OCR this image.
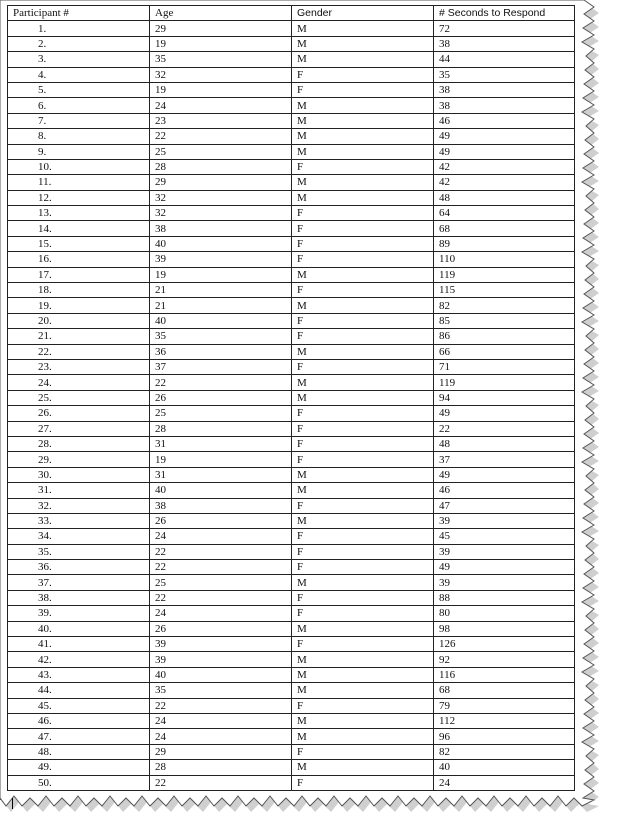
Participant #	Age	Gender	# Seconds to Respond
1.	29	M	72
2.	19	M	38
3.	35	M	44
4.	32	F	35
5.	19	F	38
6.	24	M	38
7.	23	M	46
8.	22	M	49
9.	25	M	49
10.	28	F	42
11.	29	M	42
12.	32	M	48
13.	32	F	64
14.	38	F	68
15.	40	F	89
16.	39	F	110
17.	19	M	119
18.	21	F	115
19.	21	M	82
20.	40	F	85
21.	35	F	86
22.	36	M	66
23.	37	F	71
24.	22	M	119
25.	26	M	94
26.	25	F	49
27.	28	F	22
28.	31	F	48
29.	19	F	37
30.	31	M	49
31.	40	M	46
32.	38	F	47
33.	26	M	39
34.	24	F	45
35.	22	F	39
36.	22	F	49
37.	25	M	39
38.	22	F	88
39.	24	F	80
40.	26	M	98
41.	39	F	126
42.	39	M	92
43.	40	M	116
44.	35	M	68
45.	22	F	79
46.	24	M	112
47.	24	M	96
48.	29	F	82
49.	28	M	40
50.	22	F	24
